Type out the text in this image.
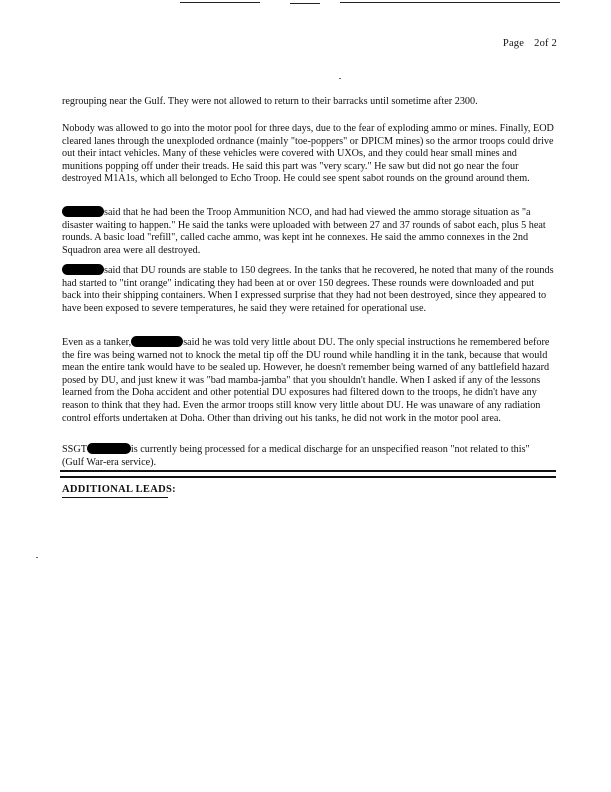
Page 2of 2

regrouping near the Gulf. They were not allowed to return to their barracks until sometime after 2300.

Nobody was allowed to go into the motor pool for three days, due to the fear of exploding ammo or mines. Finally, EOD cleared lanes through the unexploded ordnance (mainly "toe-poppers" or DPICM mines) so the armor troops could drive out their intact vehicles. Many of these vehicles were covered with UXOs, and they could hear small mines and munitions popping off under their treads. He said this part was "very scary." He saw but did not go near the four destroyed M1A1s, which all belonged to Echo Troop. He could see spent sabot rounds on the ground around them.

said that he had been the Troop Ammunition NCO, and had had viewed the ammo storage situation as "a disaster waiting to happen." He said the tanks were uploaded with between 27 and 37 rounds of sabot each, plus 5 heat rounds. A basic load "refill", called cache ammo, was kept int he connexes. He said the ammo connexes in the 2nd Squadron area were all destroyed.

said that DU rounds are stable to 150 degrees. In the tanks that he recovered, he noted that many of the rounds had started to "tint orange" indicating they had been at or over 150 degrees. These rounds were downloaded and put back into their shipping containers. When I expressed surprise that they had not been destroyed, since they appeared to have been exposed to severe temperatures, he said they were retained for operational use.

Even as a tanker,	said he was told very little about DU. The only special instructions he remembered before the fire was being warned not to knock the metal tip off the DU round while handling it in the tank, because that would mean the entire tank would have to be sealed up. However, he doesn't remember being warned of any battlefield hazard posed by DU, and just knew it was "bad mamba-jamba" that you shouldn't handle. When I asked if any of the lessons learned from the Doha accident and other potential DU exposures had filtered down to the troops, he didn't have any reason to think that they had. Even the armor troops still know very little about DU. He was unaware of any radiation control efforts undertaken at Doha. Other than driving out his tanks, he did not work in the motor pool area.

SSGT	is currently being processed for a medical discharge for an unspecified reason "not related to this" (Gulf War-era service).

ADDITIONAL LEADS:
